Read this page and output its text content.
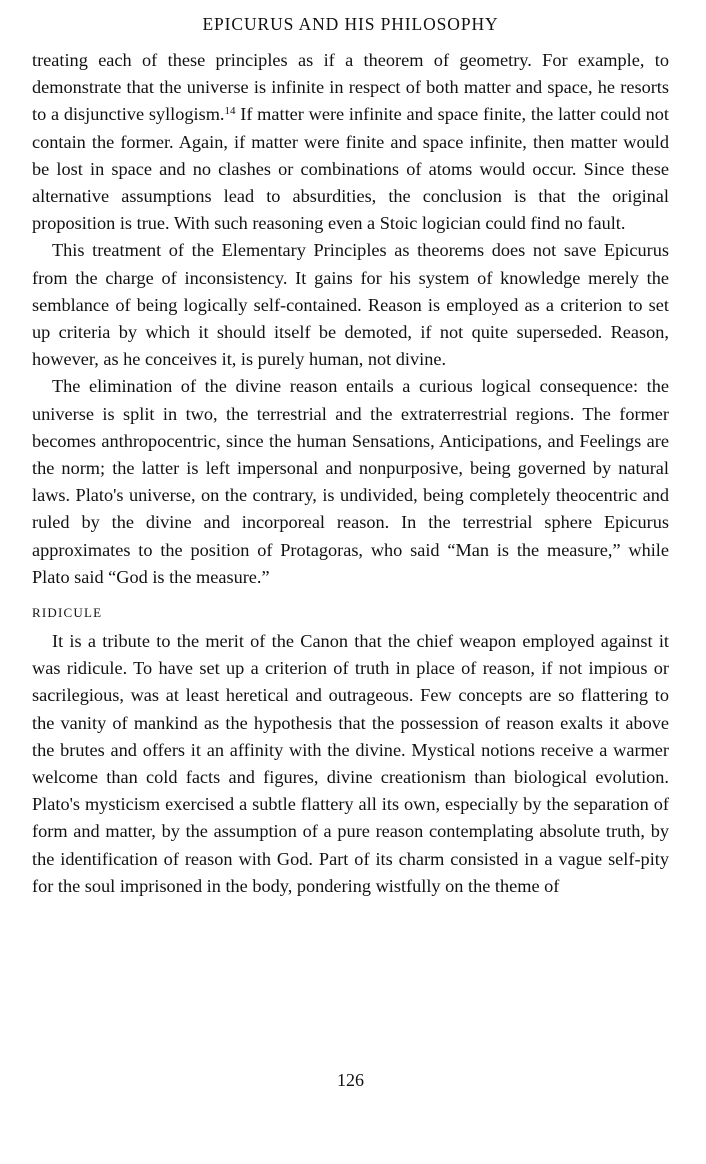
EPICURUS AND HIS PHILOSOPHY

treating each of these principles as if a theorem of geometry. For example, to demonstrate that the universe is infinite in respect of both matter and space, he resorts to a disjunctive syllogism.$^{14}$ If matter were infinite and space finite, the latter could not contain the former. Again, if matter were finite and space infinite, then matter would be lost in space and no clashes or combinations of atoms would occur. Since these alternative assumptions lead to absurdities, the conclusion is that the original proposition is true. With such reasoning even a Stoic logician could find no fault.

This treatment of the Elementary Principles as theorems does not save Epicurus from the charge of inconsistency. It gains for his system of knowledge merely the semblance of being logically self-contained. Reason is employed as a criterion to set up criteria by which it should itself be demoted, if not quite superseded. Reason, however, as he conceives it, is purely human, not divine.

The elimination of the divine reason entails a curious logical consequence: the universe is split in two, the terrestrial and the extraterrestrial regions. The former becomes anthropocentric, since the human Sensations, Anticipations, and Feelings are the norm; the latter is left impersonal and nonpurposive, being governed by natural laws. Plato's universe, on the contrary, is undivided, being completely theocentric and ruled by the divine and incorporeal reason. In the terrestrial sphere Epicurus approximates to the position of Protagoras, who said “Man is the measure,” while Plato said “God is the measure.”

RIDICULE

It is a tribute to the merit of the Canon that the chief weapon employed against it was ridicule. To have set up a criterion of truth in place of reason, if not impious or sacrilegious, was at least heretical and outrageous. Few concepts are so flattering to the vanity of mankind as the hypothesis that the possession of reason exalts it above the brutes and offers it an affinity with the divine. Mystical notions receive a warmer welcome than cold facts and figures, divine creationism than biological evolution. Plato's mysticism exercised a subtle flattery all its own, especially by the separation of form and matter, by the assumption of a pure reason contemplating absolute truth, by the identification of reason with God. Part of its charm consisted in a vague self-pity for the soul imprisoned in the body, pondering wistfully on the theme of

126
